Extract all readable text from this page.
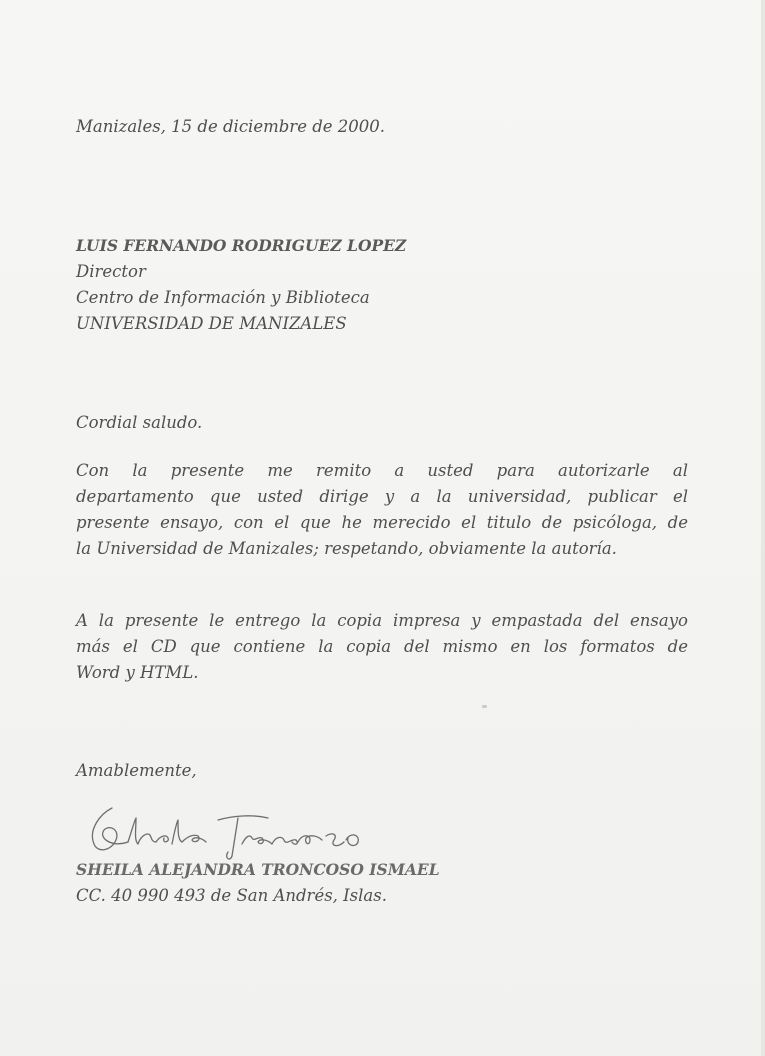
Manizales, 15 de diciembre de 2000.
LUIS FERNANDO RODRIGUEZ LOPEZ
Director
Centro de Información y Biblioteca
UNIVERSIDAD DE MANIZALES
Cordial saludo.
Con la presente me remito a usted para autorizarle al
departamento que usted dirige y a la universidad, publicar el
presente ensayo, con el que he merecido el titulo de psicóloga, de
la Universidad de Manizales; respetando, obviamente la autoría.
A la presente le entrego la copia impresa y empastada del ensayo
más el CD que contiene la copia del mismo en los formatos de
Word y HTML.
Amablemente,
SHEILA ALEJANDRA TRONCOSO ISMAEL
CC. 40 990 493 de San Andrés, Islas.
